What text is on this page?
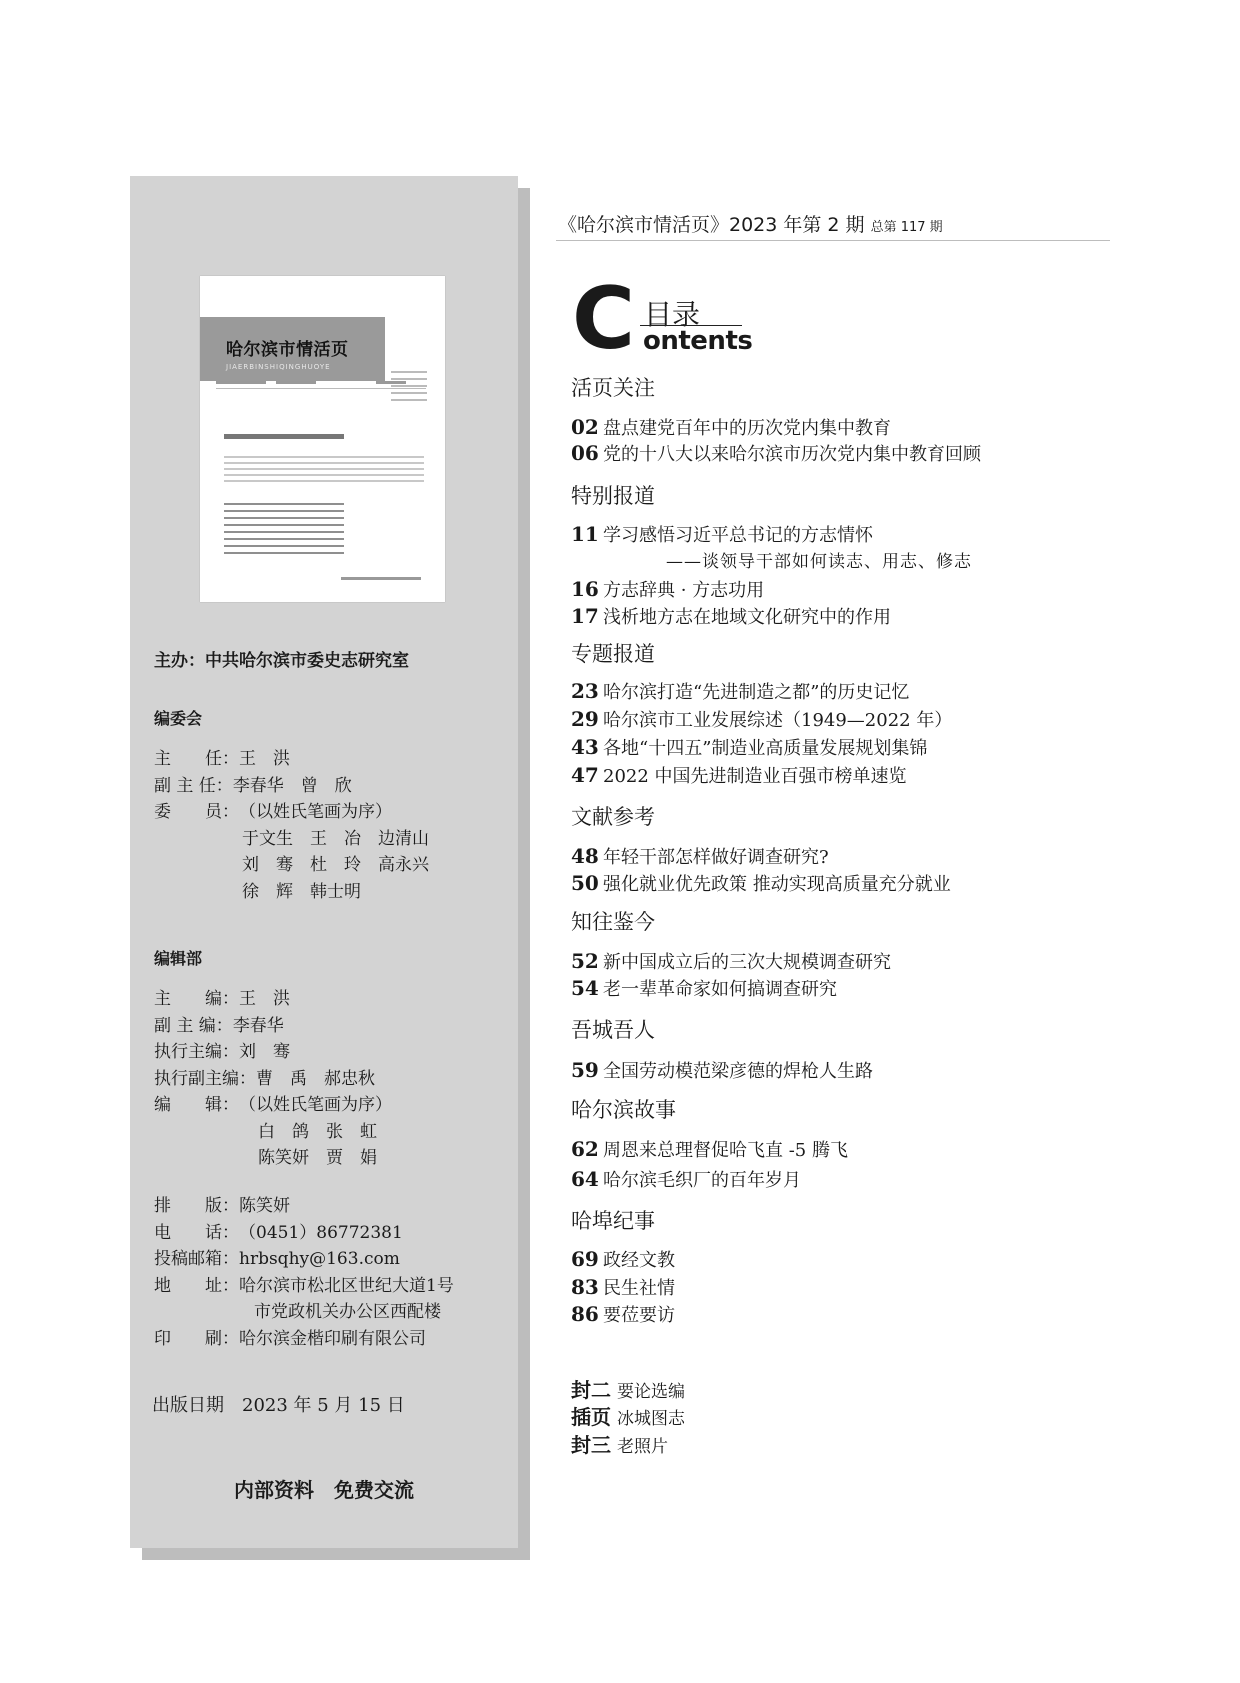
哈尔滨市情活页
JIAERBINSHIQINGHUOYE
主办：中共哈尔滨市委史志研究室
编委会
主　　任：王　洪
副 主 任：李春华　曾　欣
委　　员：（以姓氏笔画为序）
于文生　王　冶　边清山
刘　骞　杜　玲　高永兴
徐　辉　韩士明
编辑部
主　　编：王　洪
副 主 编：李春华
执行主编：刘　骞
执行副主编：曹　禹　郝忠秋
编　　辑：（以姓氏笔画为序）
白　鸽　张　虹
陈笑妍　贾　娟
排　　版：陈笑妍
电　　话：（0451）86772381
投稿邮箱：hrbsqhy@163.com
地　　址：哈尔滨市松北区世纪大道1号
市党政机关办公区西配楼
印　　刷：哈尔滨金楷印刷有限公司
出版日期　2023 年 5 月 15 日
内部资料　免费交流
《哈尔滨市情活页》2023 年第 2 期 总第 117 期
C 目录
ontents
活页关注
02 盘点建党百年中的历次党内集中教育
06 党的十八大以来哈尔滨市历次党内集中教育回顾
特别报道
11 学习感悟习近平总书记的方志情怀
——谈领导干部如何读志、用志、修志
16 方志辞典 · 方志功用
17 浅析地方志在地域文化研究中的作用
专题报道
23 哈尔滨打造“先进制造之都”的历史记忆
29 哈尔滨市工业发展综述（1949—2022 年）
43 各地“十四五”制造业高质量发展规划集锦
47 2022 中国先进制造业百强市榜单速览
文献参考
48 年轻干部怎样做好调查研究?
50 强化就业优先政策 推动实现高质量充分就业
知往鉴今
52 新中国成立后的三次大规模调查研究
54 老一辈革命家如何搞调查研究
吾城吾人
59 全国劳动模范梁彦德的焊枪人生路
哈尔滨故事
62 周恩来总理督促哈飞直 -5 腾飞
64 哈尔滨毛织厂的百年岁月
哈埠纪事
69 政经文教
83 民生社情
86 要莅要访
封二 要论选编
插页 冰城图志
封三 老照片
